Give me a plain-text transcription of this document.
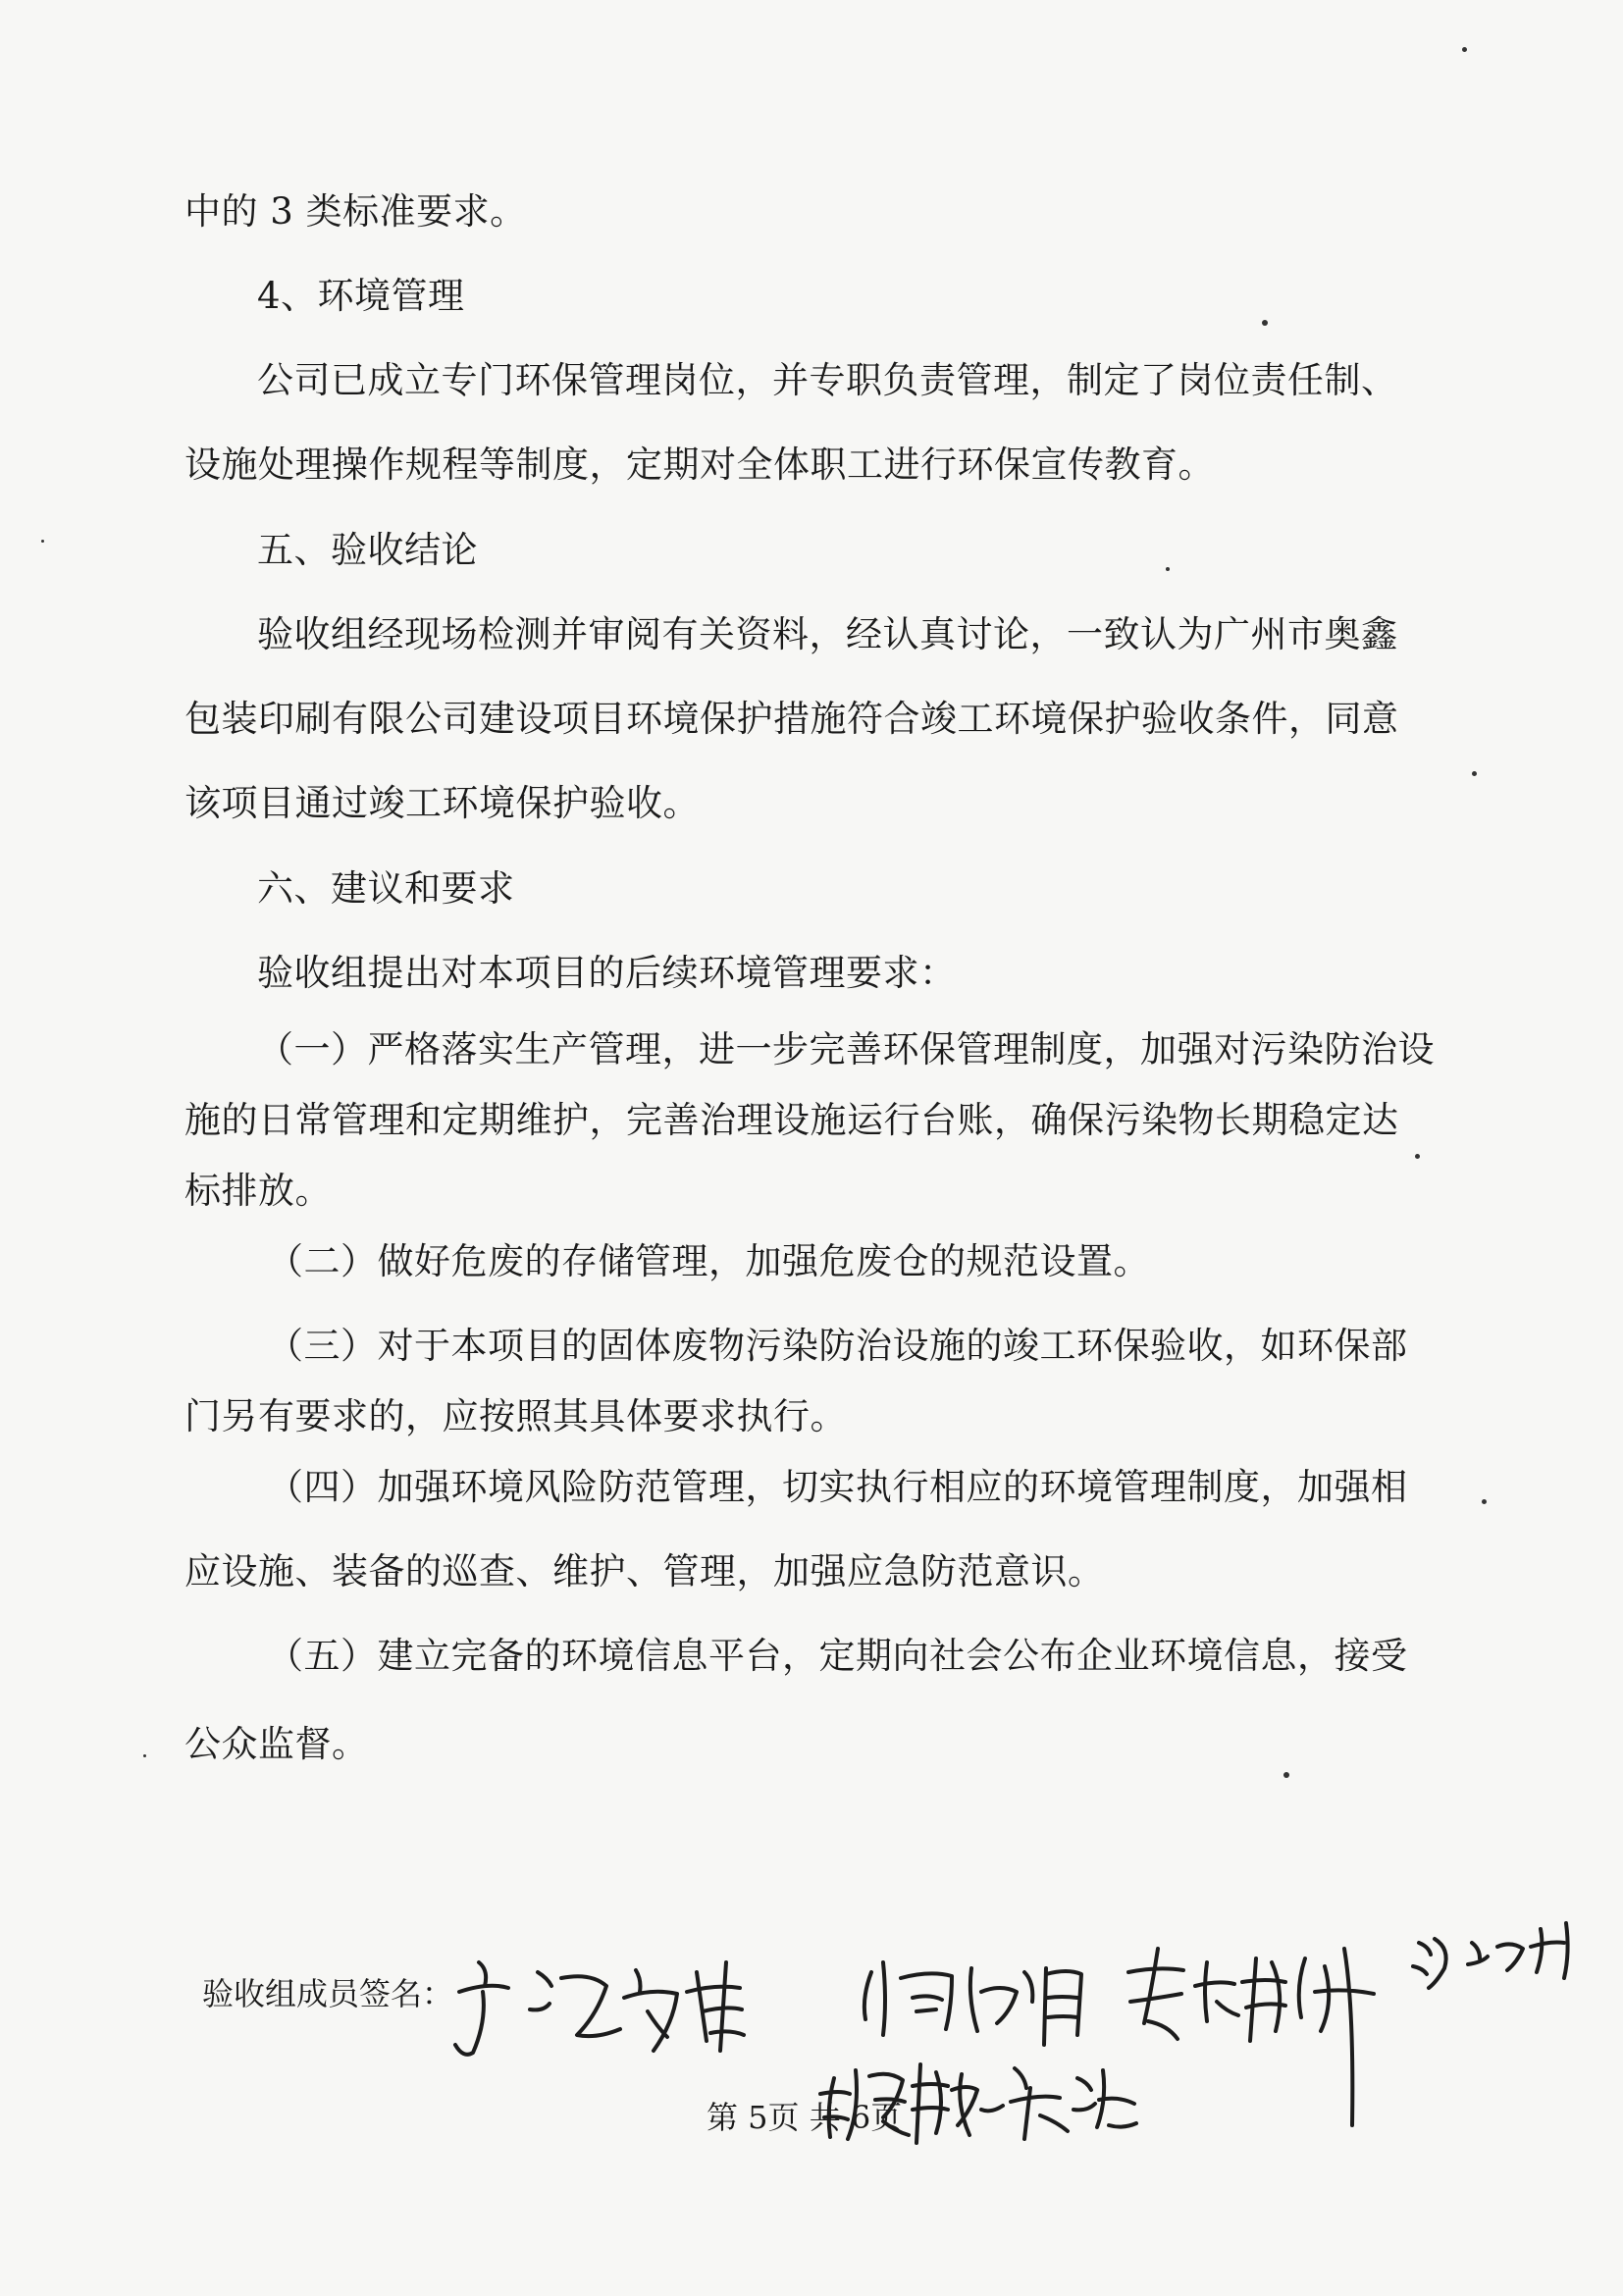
中的 3 类标准要求。
4、环境管理
公司已成立专门环保管理岗位，并专职负责管理，制定了岗位责任制、
设施处理操作规程等制度，定期对全体职工进行环保宣传教育。
五、验收结论
验收组经现场检测并审阅有关资料，经认真讨论，一致认为广州市奥鑫
包装印刷有限公司建设项目环境保护措施符合竣工环境保护验收条件，同意
该项目通过竣工环境保护验收。
六、建议和要求
验收组提出对本项目的后续环境管理要求：
（一）严格落实生产管理，进一步完善环保管理制度，加强对污染防治设
施的日常管理和定期维护，完善治理设施运行台账，确保污染物长期稳定达
标排放。
（二）做好危废的存储管理，加强危废仓的规范设置。
（三）对于本项目的固体废物污染防治设施的竣工环保验收，如环保部
门另有要求的，应按照其具体要求执行。
（四）加强环境风险防范管理，切实执行相应的环境管理制度，加强相
应设施、装备的巡查、维护、管理，加强应急防范意识。
（五）建立完备的环境信息平台，定期向社会公布企业环境信息，接受
公众监督。
验收组成员签名：
第 5页 共 6页
